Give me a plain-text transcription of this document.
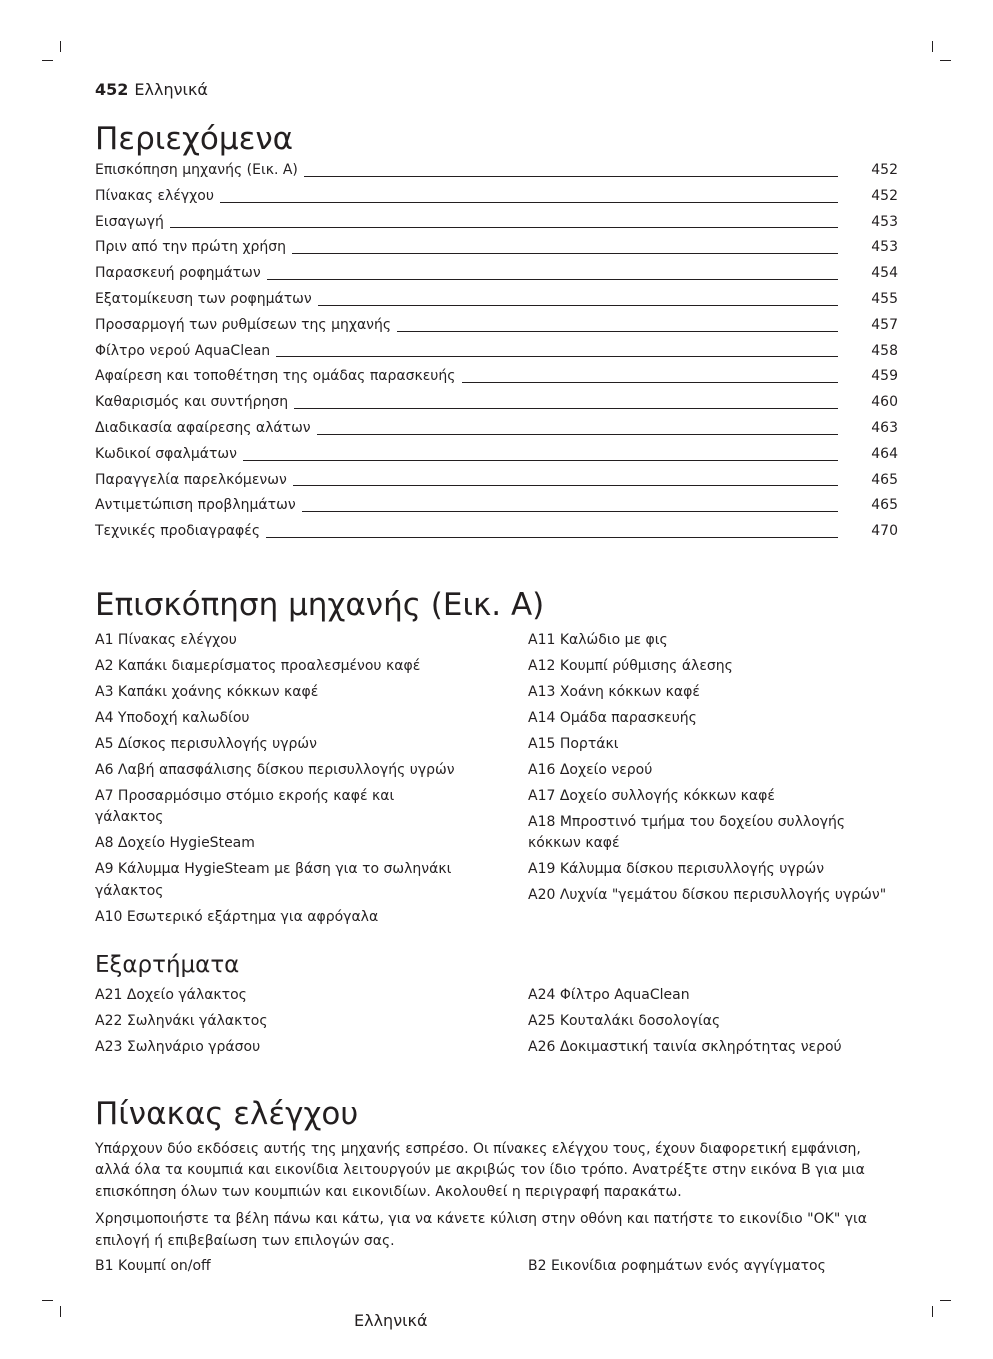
452 Ελληνικά
Περιεχόμενα
Επισκόπηση μηχανής (Εικ. A)	452
Πίνακας ελέγχου	452
Εισαγωγή	453
Πριν από την πρώτη χρήση	453
Παρασκευή ροφημάτων	454
Εξατομίκευση των ροφημάτων	455
Προσαρμογή των ρυθμίσεων της μηχανής	457
Φίλτρο νερού AquaClean	458
Αφαίρεση και τοποθέτηση της ομάδας παρασκευής	459
Καθαρισμός και συντήρηση	460
Διαδικασία αφαίρεσης αλάτων	463
Κωδικοί σφαλμάτων	464
Παραγγελία παρελκόμενων	465
Αντιμετώπιση προβλημάτων	465
Τεχνικές προδιαγραφές	470
Επισκόπηση μηχανής (Εικ. A)
A1 Πίνακας ελέγχου
A2 Καπάκι διαμερίσματος προαλεσμένου καφέ
A3 Καπάκι χοάνης κόκκων καφέ
A4 Υποδοχή καλωδίου
A5 Δίσκος περισυλλογής υγρών
A6 Λαβή απασφάλισης δίσκου περισυλλογής υγρών
A7 Προσαρμόσιμο στόμιο εκροής καφέ και γάλακτος
A8 Δοχείο HygieSteam
A9 Κάλυμμα HygieSteam με βάση για το σωληνάκι γάλακτος
A10 Εσωτερικό εξάρτημα για αφρόγαλα
A11 Καλώδιο με φις
A12 Κουμπί ρύθμισης άλεσης
A13 Χοάνη κόκκων καφέ
A14 Ομάδα παρασκευής
A15 Πορτάκι
A16 Δοχείο νερού
A17 Δοχείο συλλογής κόκκων καφέ
A18 Μπροστινό τμήμα του δοχείου συλλογής κόκκων καφέ
A19 Κάλυμμα δίσκου περισυλλογής υγρών
A20 Λυχνία "γεμάτου δίσκου περισυλλογής υγρών"
Εξαρτήματα
A21 Δοχείο γάλακτος
A22 Σωληνάκι γάλακτος
A23 Σωληνάριο γράσου
A24 Φίλτρο AquaClean
A25 Κουταλάκι δοσολογίας
A26 Δοκιμαστική ταινία σκληρότητας νερού
Πίνακας ελέγχου

Υπάρχουν δύο εκδόσεις αυτής της μηχανής εσπρέσο. Οι πίνακες ελέγχου τους, έχουν διαφορετική εμφάνιση, αλλά όλα τα κουμπιά και εικονίδια λειτουργούν με ακριβώς τον ίδιο τρόπο. Ανατρέξτε στην εικόνα B για μια επισκόπηση όλων των κουμπιών και εικονιδίων. Ακολουθεί η περιγραφή παρακάτω.

Χρησιμοποιήστε τα βέλη πάνω και κάτω, για να κάνετε κύλιση στην οθόνη και πατήστε το εικονίδιο "OK" για επιλογή ή επιβεβαίωση των επιλογών σας.

B1 Κουμπί on/off	B2 Εικονίδια ροφημάτων ενός αγγίγματος
Ελληνικά
